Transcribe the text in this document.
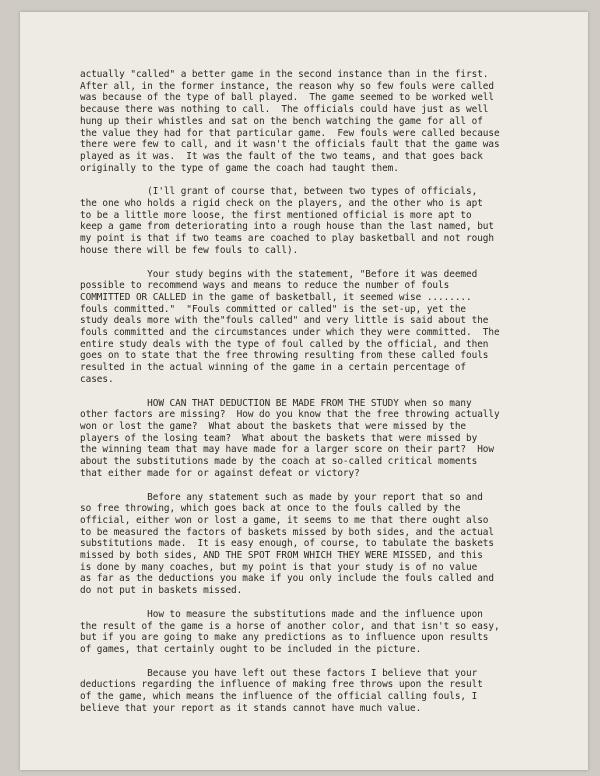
actually "called" a better game in the second instance than in the first.
After all, in the former instance, the reason why so few fouls were called
was because of the type of ball played.  The game seemed to be worked well
because there was nothing to call.  The officials could have just as well
hung up their whistles and sat on the bench watching the game for all of
the value they had for that particular game.  Few fouls were called because
there were few to call, and it wasn't the officials fault that the game was
played as it was.  It was the fault of the two teams, and that goes back
originally to the type of game the coach had taught them.
(I'll grant of course that, between two types of officials,
the one who holds a rigid check on the players, and the other who is apt
to be a little more loose, the first mentioned official is more apt to
keep a game from deteriorating into a rough house than the last named, but
my point is that if two teams are coached to play basketball and not rough
house there will be few fouls to call).
Your study begins with the statement, "Before it was deemed
possible to recommend ways and means to reduce the number of fouls
COMMITTED OR CALLED in the game of basketball, it seemed wise ........
fouls committed."  "Fouls committed or called" is the set-up, yet the
study deals more with the"fouls called" and very little is said about the
fouls committed and the circumstances under which they were committed.  The
entire study deals with the type of foul called by the official, and then
goes on to state that the free throwing resulting from these called fouls
resulted in the actual winning of the game in a certain percentage of
cases.
HOW CAN THAT DEDUCTION BE MADE FROM THE STUDY when so many
other factors are missing?  How do you know that the free throwing actually
won or lost the game?  What about the baskets that were missed by the
players of the losing team?  What about the baskets that were missed by
the winning team that may have made for a larger score on their part?  How
about the substitutions made by the coach at so-called critical moments
that either made for or against defeat or victory?
Before any statement such as made by your report that so and
so free throwing, which goes back at once to the fouls called by the
official, either won or lost a game, it seems to me that there ought also
to be measured the factors of baskets missed by both sides, and the actual
substitutions made.  It is easy enough, of course, to tabulate the baskets
missed by both sides, AND THE SPOT FROM WHICH THEY WERE MISSED, and this
is done by many coaches, but my point is that your study is of no value
as far as the deductions you make if you only include the fouls called and
do not put in baskets missed.
How to measure the substitutions made and the influence upon
the result of the game is a horse of another color, and that isn't so easy,
but if you are going to make any predictions as to influence upon results
of games, that certainly ought to be included in the picture.
Because you have left out these factors I believe that your
deductions regarding the influence of making free throws upon the result
of the game, which means the influence of the official calling fouls, I
believe that your report as it stands cannot have much value.
